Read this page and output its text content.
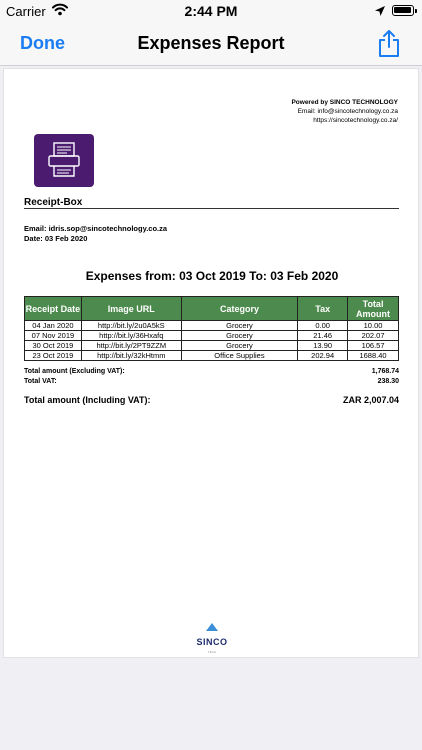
Carrier	2:44 PM
Done	Expenses Report
Powered by SINCO TECHNOLOGY
Email: info@sincotechnology.co.za
https://sincotechnology.co.za/
Receipt-Box
Email: idris.sop@sincotechnology.co.za
Date: 03 Feb 2020
Expenses from: 03 Oct 2019 To: 03 Feb 2020
Receipt Date	Image URL	Category	Tax	Total Amount
04 Jan 2020	http://bit.ly/2u0A5kS	Grocery	0.00	10.00
07 Nov 2019	http://bit.ly/36Hxafq	Grocery	21.46	202.07
30 Oct 2019	http://bit.ly/2PT9ZZM	Grocery	13.90	106.57
23 Oct 2019	http://bit.ly/32kHtmm	Office Supplies	202.94	1688.40
Total amount (Excluding VAT):	1,768.74
Total VAT:	238.30
Total amount (Including VAT):	ZAR 2,007.04
SINCO
TECH
